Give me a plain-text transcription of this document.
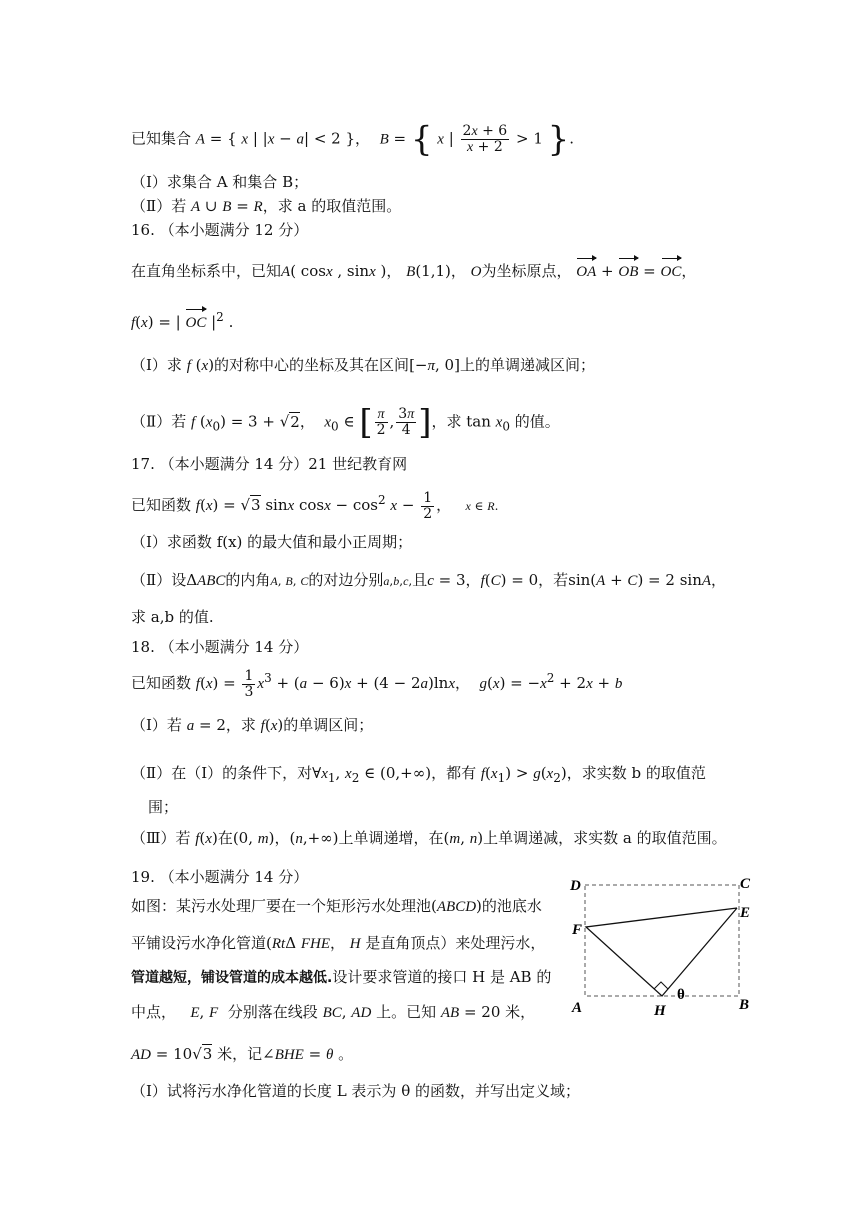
已知集合 A = { x | |x − a| < 2 }，  B = { x | $\frac{2x + 6}{x + 2} > 1$ }.
（Ⅰ）求集合 A 和集合 B；
（Ⅱ）若 A ∪ B = R，求 a 的取值范围。
16. （本小题满分 12 分）
在直角坐标系中，已知A( cosx , sinx )， B(1,1)， O为坐标原点， OA + OB = OC，
f(x) = | OC $|^2$ .
（Ⅰ）求 f (x)的对称中心的坐标及其在区间[−π, 0]上的单调递减区间；
（Ⅱ）若 f $(x_0) = 3 + √2$，  $x_0$ ∈ [ $\frac{\pi}{2}$ , $\frac{3\pi}{4}$ ]，求 $\tan x_0$ 的值。
17. （本小题满分 14 分）21 世纪教育网
已知函数 f(x) = √3 sinx $\cos x - \cos^2 x - \frac{1}{2}$ ，   x ∈ R.
（Ⅰ）求函数 f(x) 的最大值和最小正周期；
（Ⅱ）设ΔABC的内角A, B, C的对边分别a,b,c,且c = 3，f(C) = 0，若sin(A + C) = 2 sinA，
求 a,b 的值.
18. （本小题满分 14 分）
已知函数 $f(x) = \frac{1}{3} x^3 + (a - 6)x + (4 - 2a)\ln x$，  $g(x) = -x^2 + 2x + b$
（Ⅰ）若 a = 2，求 f(x)的单调区间；
（Ⅱ）在（Ⅰ）的条件下，对$\forall x_1$, $x_2$ ∈ (0,+∞)，都有 $f(x_1) > g(x_2)$，求实数 b 的取值范
围；
（Ⅲ）若 f(x)在(0, m)，(n,+∞)上单调递增，在(m, n)上单调递减，求实数 a 的取值范围。
19. （本小题满分 14 分）
如图：某污水处理厂要在一个矩形污水处理池(ABCD)的池底水
平铺设污水净化管道(RtΔ FHE， H 是直角顶点）来处理污水，
管道越短，铺设管道的成本越低.设计要求管道的接口 H 是 AB 的
中点， E, F 分别落在线段 BC, AD 上。已知 AB = 20 米，
AD = 10√3 米，记∠BHE = θ 。
（Ⅰ）试将污水净化管道的长度 L 表示为 θ 的函数，并写出定义域；
D	C
E
F
A	H	B
θ
